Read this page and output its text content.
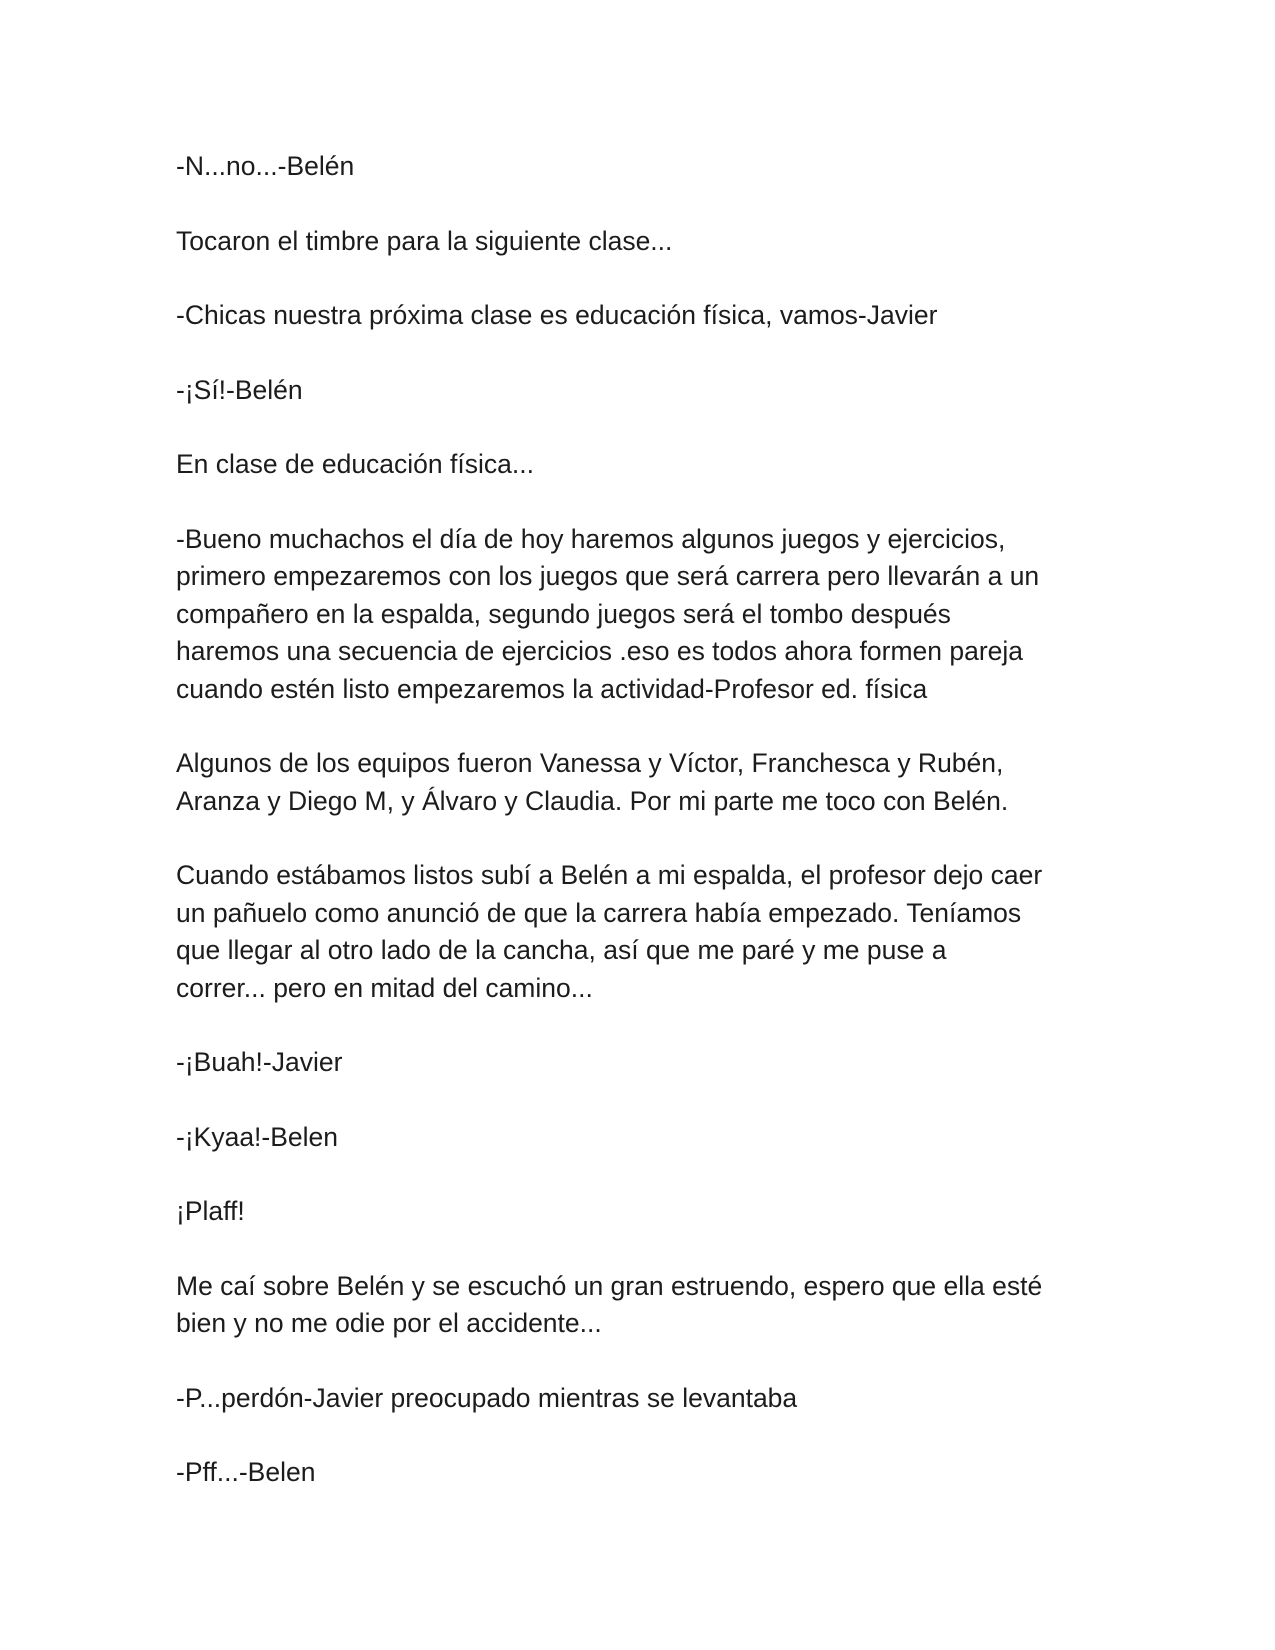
-N...no...-Belén

Tocaron el timbre para la siguiente clase...

-Chicas nuestra próxima clase es educación física, vamos-Javier

-¡Sí!-Belén

En clase de educación física...

-Bueno muchachos el día de hoy haremos algunos juegos y ejercicios,
primero empezaremos con los juegos que será carrera pero llevarán a un
compañero en la espalda, segundo juegos será el tombo después
haremos una secuencia de ejercicios .eso es todos ahora formen pareja
cuando estén listo empezaremos la actividad-Profesor ed. física

Algunos de los equipos fueron Vanessa y Víctor, Franchesca y Rubén,
Aranza y Diego M, y Álvaro y Claudia. Por mi parte me toco con Belén.

Cuando estábamos listos subí a Belén a mi espalda, el profesor dejo caer
un pañuelo como anunció de que la carrera había empezado. Teníamos
que llegar al otro lado de la cancha, así que me paré y me puse a
correr... pero en mitad del camino...

-¡Buah!-Javier

-¡Kyaa!-Belen

¡Plaff!

Me caí sobre Belén y se escuchó un gran estruendo, espero que ella esté
bien y no me odie por el accidente...

-P...perdón-Javier preocupado mientras se levantaba

-Pff...-Belen
